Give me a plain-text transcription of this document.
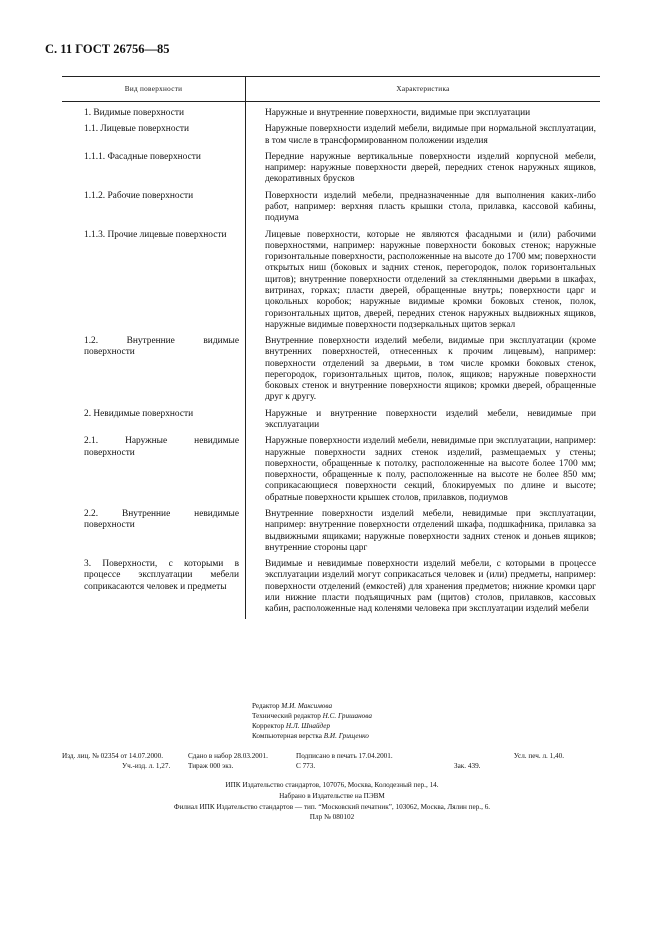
С. 11 ГОСТ 26756—85
Вид поверхности	Характеристика
1. Видимые поверхности	Наружные и внутренние поверхности, видимые при эксплуатации
1.1. Лицевые поверхности	Наружные поверхности изделий мебели, видимые при нормальной эксплуатации, в том числе в трансформированном положении изделия
1.1.1. Фасадные поверхности	Передние наружные вертикальные поверхности изделий корпусной мебели, например: наружные поверхности дверей, передних стенок наружных ящиков, декоративных брусков
1.1.2. Рабочие поверхности	Поверхности изделий мебели, предназначенные для выполнения каких-либо работ, например: верхняя пласть крышки стола, прилавка, кассовой кабины, подиума
1.1.3. Прочие лицевые поверхности	Лицевые поверхности, которые не являются фасадными и (или) рабочими поверхностями, например: наружные поверхности боковых стенок; наружные горизонтальные поверхности, расположенные на высоте до 1700 мм; поверхности открытых ниш (боковых и задних стенок, перегородок, полок горизонтальных щитов); внутренние поверхности отделений за стеклянными дверьми в шкафах, витринах, горках; пласти дверей, обращенные внутрь; поверхности царг и цокольных коробок; наружные видимые кромки боковых стенок, полок, горизонтальных щитов, дверей, передних стенок наружных выдвижных ящиков, наружные видимые поверхности подзеркальных щитов зеркал
1.2. Внутренние видимые поверхности	Внутренние поверхности изделий мебели, видимые при эксплуатации (кроме внутренних поверхностей, отнесенных к прочим лицевым), например: поверхности отделений за дверьми, в том числе кромки боковых стенок, перегородок, горизонтальных щитов, полок, ящиков; наружные поверхности боковых стенок и внутренние поверхности ящиков; кромки дверей, обращенные друг к другу.
2. Невидимые поверхности	Наружные и внутренние поверхности изделий мебели, невидимые при эксплуатации
2.1. Наружные невидимые поверхности	Наружные поверхности изделий мебели, невидимые при эксплуатации, например: наружные поверхности задних стенок изделий, размещаемых у стены; поверхности, обращенные к потолку, расположенные на высоте более 1700 мм; поверхности, обращенные к полу, расположенные на высоте не более 850 мм; соприкасающиеся поверхности секций, блокируемых по длине и высоте; обратные поверхности крышек столов, прилавков, подиумов
2.2. Внутренние невидимые поверхности	Внутренние поверхности изделий мебели, невидимые при эксплуатации, например: внутренние поверхности отделений шкафа, подшкафника, прилавка за выдвижными ящиками; наружные поверхности задних стенок и доньев ящиков; внутренние стороны царг
3. Поверхности, с которыми в процессе эксплуатации мебели соприкасаются человек и предметы	Видимые и невидимые поверхности изделий мебели, с которыми в процессе эксплуатации изделий могут соприкасаться человек и (или) предметы, например: поверхности отделений (емкостей) для хранения предметов; нижние кромки царг или нижние пласти подъящичных рам (щитов) столов, прилавков, кассовых кабин, расположенные над коленями человека при эксплуатации изделий мебели
Редактор М.И. Максимова
Технический редактор Н.С. Гришанова
Корректор Н.Л. Шнайдер
Компьютерная верстка В.И. Грищенко
Изд. лиц. № 02354 от 14.07.2000.	Сдано в набор 28.03.2001.	Подписано в печать 17.04.2001.	Усл. печ. л. 1,40.
Уч.-изд. л. 1,27.	Тираж 000 экз.	С 773.	Зак. 439.
ИПК Издательство стандартов, 107076, Москва, Колодезный пер., 14.
Набрано в Издательстве на ПЭВМ
Филиал ИПК Издательство стандартов — тип. “Московский печатник”, 103062, Москва, Лялин пер., 6.
Плр № 080102
